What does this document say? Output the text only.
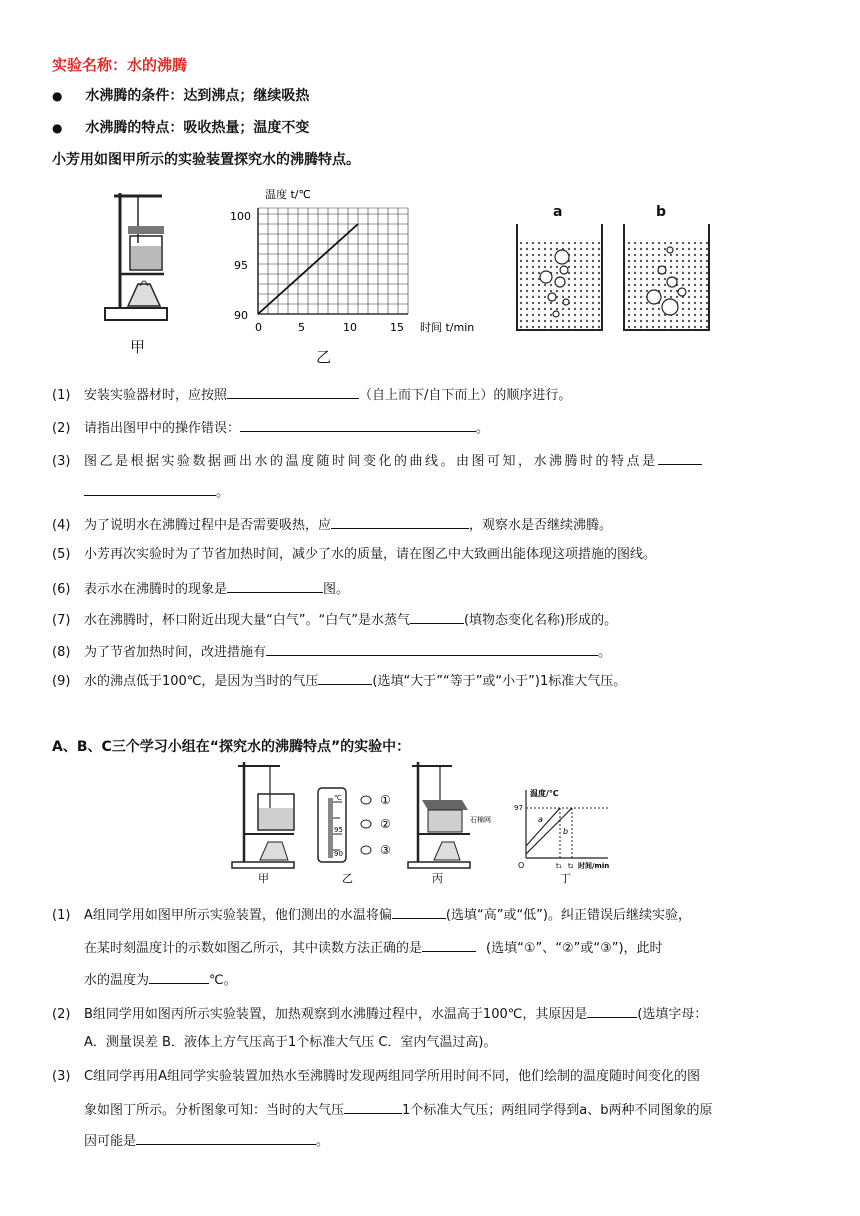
实验名称：水的沸腾
● 水沸腾的条件：达到沸点；继续吸热
● 水沸腾的特点：吸收热量；温度不变
小芳用如图甲所示的实验装置探究水的沸腾特点。
甲
温度 t/℃
100
95
90
0	5	10	15 时间 t/min
乙
a	b
(1) 安装实验器材时，应按照	（自上而下/自下而上）的顺序进行。
(2) 请指出图甲中的操作错误：	。
(3) 图乙是根据实验数据画出水的温度随时间变化的曲线。由图可知，水沸腾时的特点是
。
(4) 为了说明水在沸腾过程中是否需要吸热，应	，观察水是否继续沸腾。
(5) 小芳再次实验时为了节省加热时间，减少了水的质量，请在图乙中大致画出能体现这项措施的图线。
(6) 表示水在沸腾时的现象是	图。
(7) 水在沸腾时，杯口附近出现大量“白气”。“白气”是水蒸气	(填物态变化名称)形成的。
(8) 为了节省加热时间，改进措施有	。
(9) 水的沸点低于100℃，是因为当时的气压	(选填“大于”“等于”或“小于”)1标准大气压。
A、B、C三个学习小组在“探究水的沸腾特点”的实验中：
℃
95
90
①
②
③
石棉网
温度/℃
97
a
b
O	t₁ t₂ 时间/min
甲	乙	丙	丁
(1) A组同学用如图甲所示实验装置，他们测出的水温将偏	(选填“高”或“低”)。纠正错误后继续实验，
在某时刻温度计的示数如图乙所示，其中读数方法正确的是	(选填“①”、“②”或“③”)，此时
水的温度为	℃。
(2) B组同学用如图丙所示实验装置，加热观察到水沸腾过程中，水温高于100℃，其原因是	(选填字母：
A．测量误差 B．液体上方气压高于1个标准大气压 C．室内气温过高)。
(3) C组同学再用A组同学实验装置加热水至沸腾时发现两组同学所用时间不同，他们绘制的温度随时间变化的图
象如图丁所示。分析图象可知：当时的大气压	1个标准大气压；两组同学得到a、b两种不同图象的原
因可能是	。
